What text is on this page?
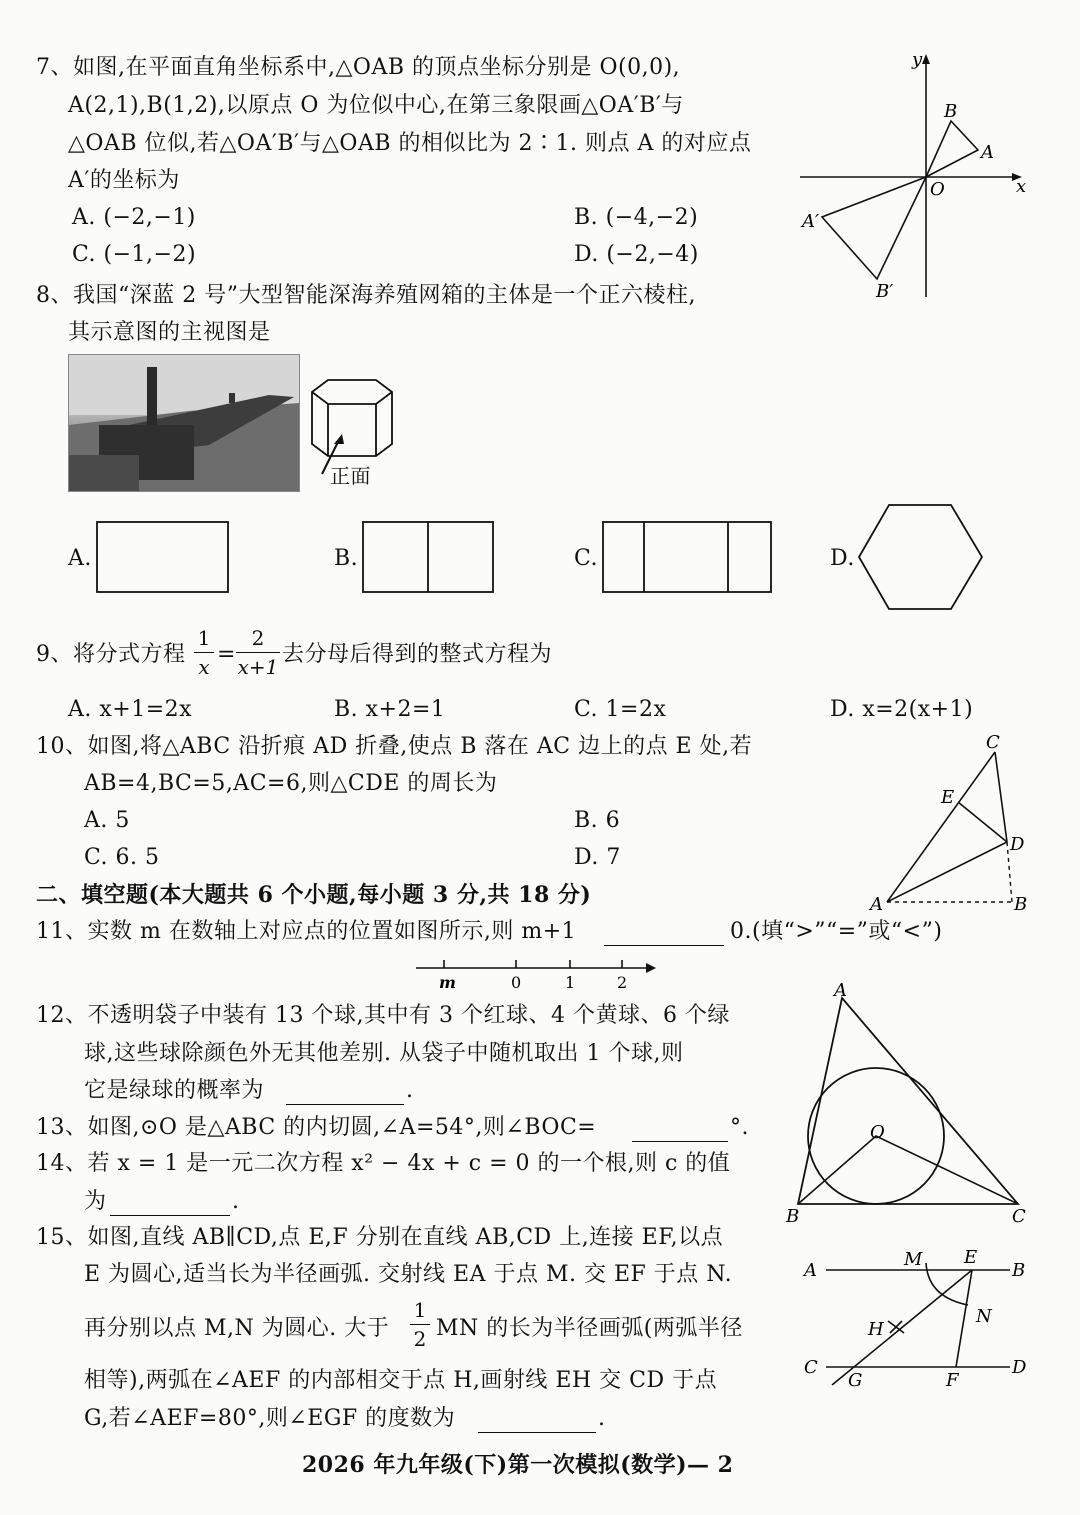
7、如图,在平面直角坐标系中,△OAB 的顶点坐标分别是 O(0,0),
A(2,1),B(1,2),以原点 O 为位似中心,在第三象限画△OA′B′与
△OAB 位似,若△OA′B′与△OAB 的相似比为 2∶1. 则点 A 的对应点
A′的坐标为
A. (−2,−1)	B. (−4,−2)
C. (−1,−2)	D. (−2,−4)
y
x
O
A
B
A′
B′
8、我国“深蓝 2 号”大型智能深海养殖网箱的主体是一个正六棱柱,
其示意图的主视图是
正面
A.	B.	C.	D.
9、将分式方程 $\frac{1}{x} = \frac{2}{x+1}$ 去分母后得到的整式方程为
A. x+1=2x	B. x+2=1	C. 1=2x	D. x=2(x+1)
10、如图,将△ABC 沿折痕 AD 折叠,使点 B 落在 AC 边上的点 E 处,若
AB=4,BC=5,AC=6,则△CDE 的周长为
A. 5	B. 6
C. 6. 5	D. 7
C
E
D
A	B
二、填空题(本大题共 6 个小题,每小题 3 分,共 18 分)
11、实数 m 在数轴上对应点的位置如图所示,则 m+1	0.(填“>”“=”或“<”)
m	0	1	2
12、不透明袋子中装有 13 个球,其中有 3 个红球、4 个黄球、6 个绿
球,这些球除颜色外无其他差别. 从袋子中随机取出 1 个球,则
它是绿球的概率为	.
13、如图,⊙O 是△ABC 的内切圆,∠A=54°,则∠BOC=	°.
A
B	C
O
14、若 x = 1 是一元二次方程 x² − 4x + c = 0 的一个根,则 c 的值
为	.
15、如图,直线 AB∥CD,点 E,F 分别在直线 AB,CD 上,连接 EF,以点
E 为圆心,适当长为半径画弧. 交射线 EA 于点 M. 交 EF 于点 N.
再分别以点 M,N 为圆心. 大于 $\frac{1}{2}$ MN 的长为半径画弧(两弧半径
相等),两弧在∠AEF 的内部相交于点 H,画射线 EH 交 CD 于点
G,若∠AEF=80°,则∠EGF 的度数为	.
A	B
C	D
M E
N
H
G	F
2026 年九年级(下)第一次模拟(数学)— 2
